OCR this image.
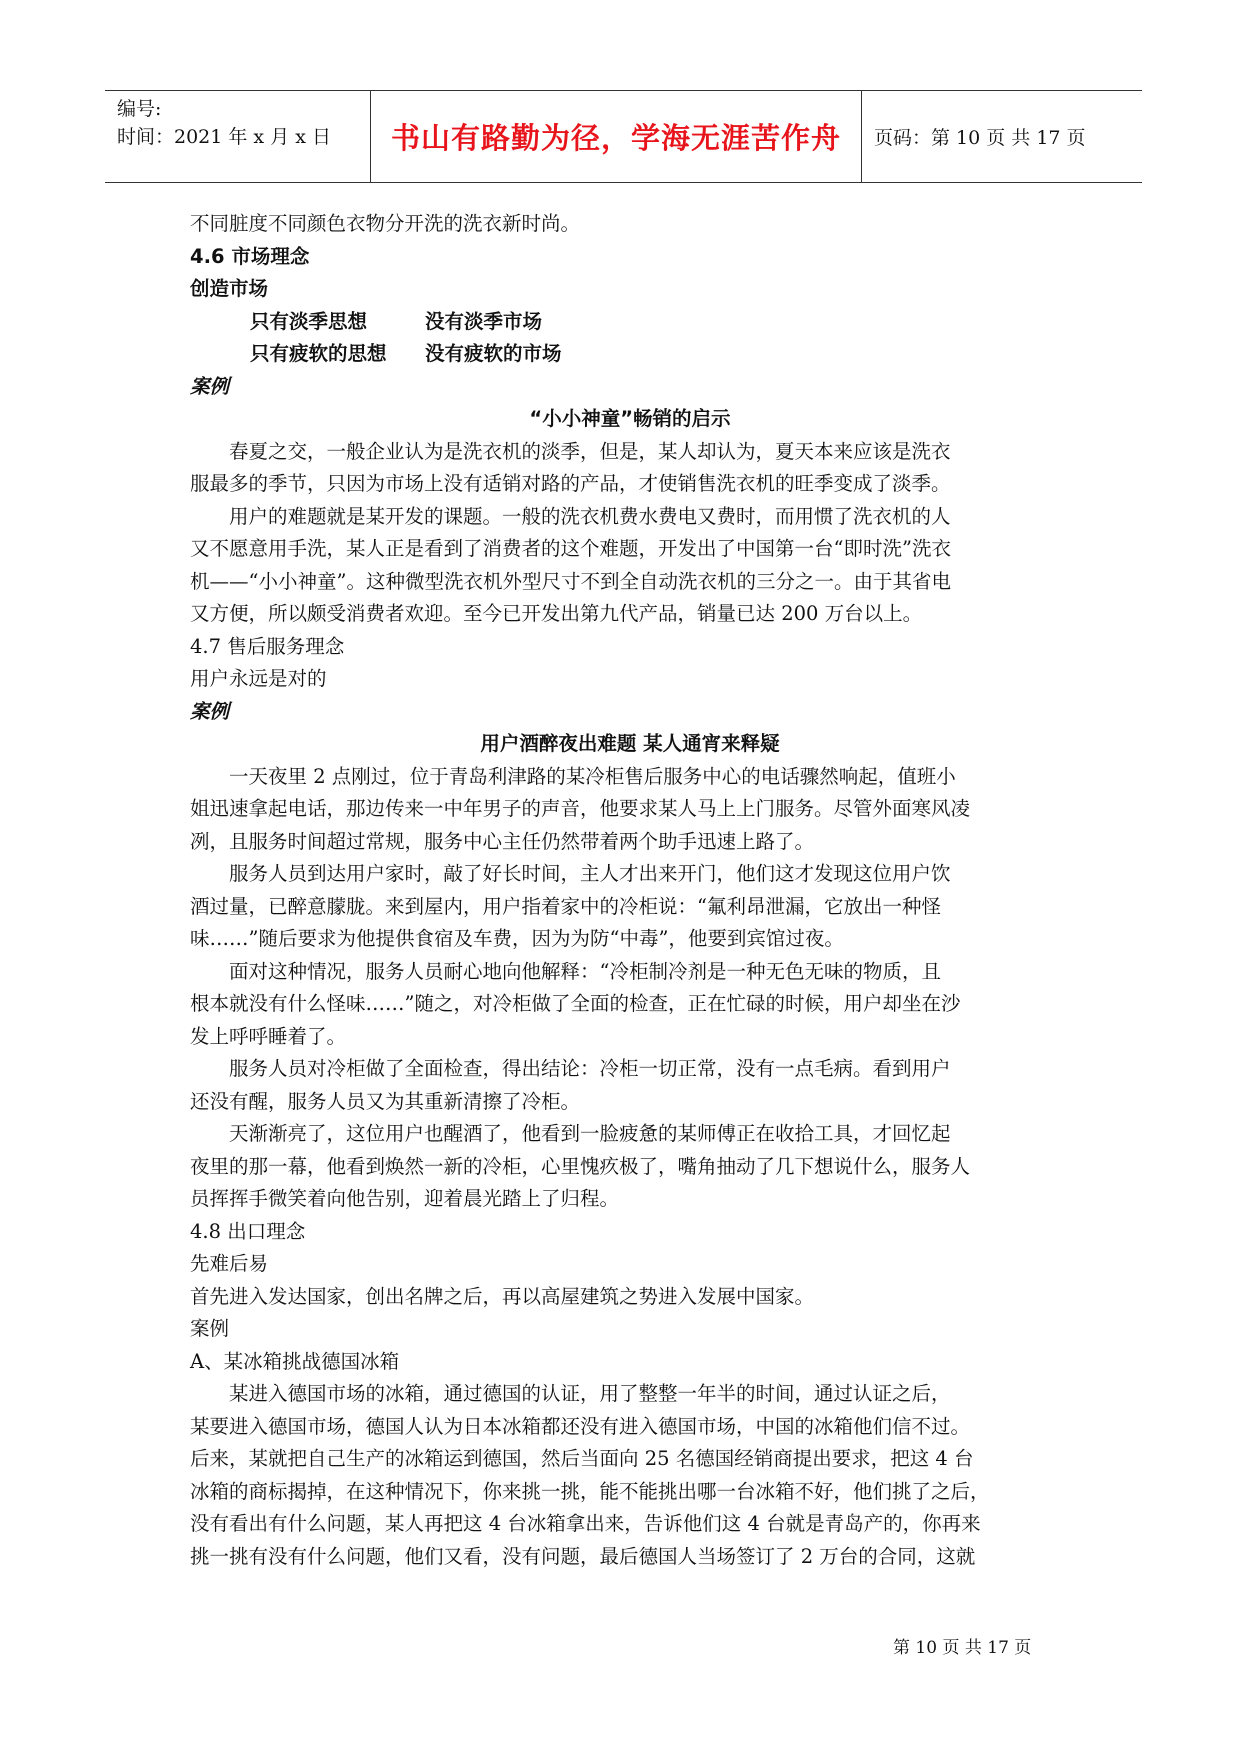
编号:
时间：2021 年 x 月 x 日	书山有路勤为径，学海无涯苦作舟 页码：第 10 页 共 17 页
不同脏度不同颜色衣物分开洗的洗衣新时尚。
4.6 市场理念
创造市场
只有淡季思想	没有淡季市场
只有疲软的思想 没有疲软的市场
案例
“小小神童”畅销的启示
春夏之交，一般企业认为是洗衣机的淡季，但是，某人却认为，夏天本来应该是洗衣
服最多的季节，只因为市场上没有适销对路的产品，才使销售洗衣机的旺季变成了淡季。
用户的难题就是某开发的课题。一般的洗衣机费水费电又费时，而用惯了洗衣机的人
又不愿意用手洗，某人正是看到了消费者的这个难题，开发出了中国第一台“即时洗”洗衣
机——“小小神童”。这种微型洗衣机外型尺寸不到全自动洗衣机的三分之一。由于其省电
又方便，所以颇受消费者欢迎。至今已开发出第九代产品，销量已达 200 万台以上。
4.7 售后服务理念
用户永远是对的
案例
用户酒醉夜出难题 某人通宵来释疑
一天夜里 2 点刚过，位于青岛利津路的某冷柜售后服务中心的电话骤然响起，值班小
姐迅速拿起电话，那边传来一中年男子的声音，他要求某人马上上门服务。尽管外面寒风凌
冽，且服务时间超过常规，服务中心主任仍然带着两个助手迅速上路了。
服务人员到达用户家时，敲了好长时间，主人才出来开门，他们这才发现这位用户饮
酒过量，已醉意朦胧。来到屋内，用户指着家中的冷柜说：“氟利昂泄漏，它放出一种怪
味……”随后要求为他提供食宿及车费，因为为防“中毒”，他要到宾馆过夜。
面对这种情况，服务人员耐心地向他解释：“冷柜制冷剂是一种无色无味的物质，且
根本就没有什么怪味……”随之，对冷柜做了全面的检查，正在忙碌的时候，用户却坐在沙
发上呼呼睡着了。
服务人员对冷柜做了全面检查，得出结论：冷柜一切正常，没有一点毛病。看到用户
还没有醒，服务人员又为其重新清擦了冷柜。
天渐渐亮了，这位用户也醒酒了，他看到一脸疲惫的某师傅正在收拾工具，才回忆起
夜里的那一幕，他看到焕然一新的冷柜，心里愧疚极了，嘴角抽动了几下想说什么，服务人
员挥挥手微笑着向他告别，迎着晨光踏上了归程。
4.8 出口理念
先难后易
首先进入发达国家，创出名牌之后，再以高屋建筑之势进入发展中国家。
案例
A、某冰箱挑战德国冰箱
某进入德国市场的冰箱，通过德国的认证，用了整整一年半的时间，通过认证之后，
某要进入德国市场，德国人认为日本冰箱都还没有进入德国市场，中国的冰箱他们信不过。
后来，某就把自己生产的冰箱运到德国，然后当面向 25 名德国经销商提出要求，把这 4 台
冰箱的商标揭掉，在这种情况下，你来挑一挑，能不能挑出哪一台冰箱不好，他们挑了之后，
没有看出有什么问题，某人再把这 4 台冰箱拿出来，告诉他们这 4 台就是青岛产的，你再来
挑一挑有没有什么问题，他们又看，没有问题，最后德国人当场签订了 2 万台的合同，这就
第 10 页 共 17 页
